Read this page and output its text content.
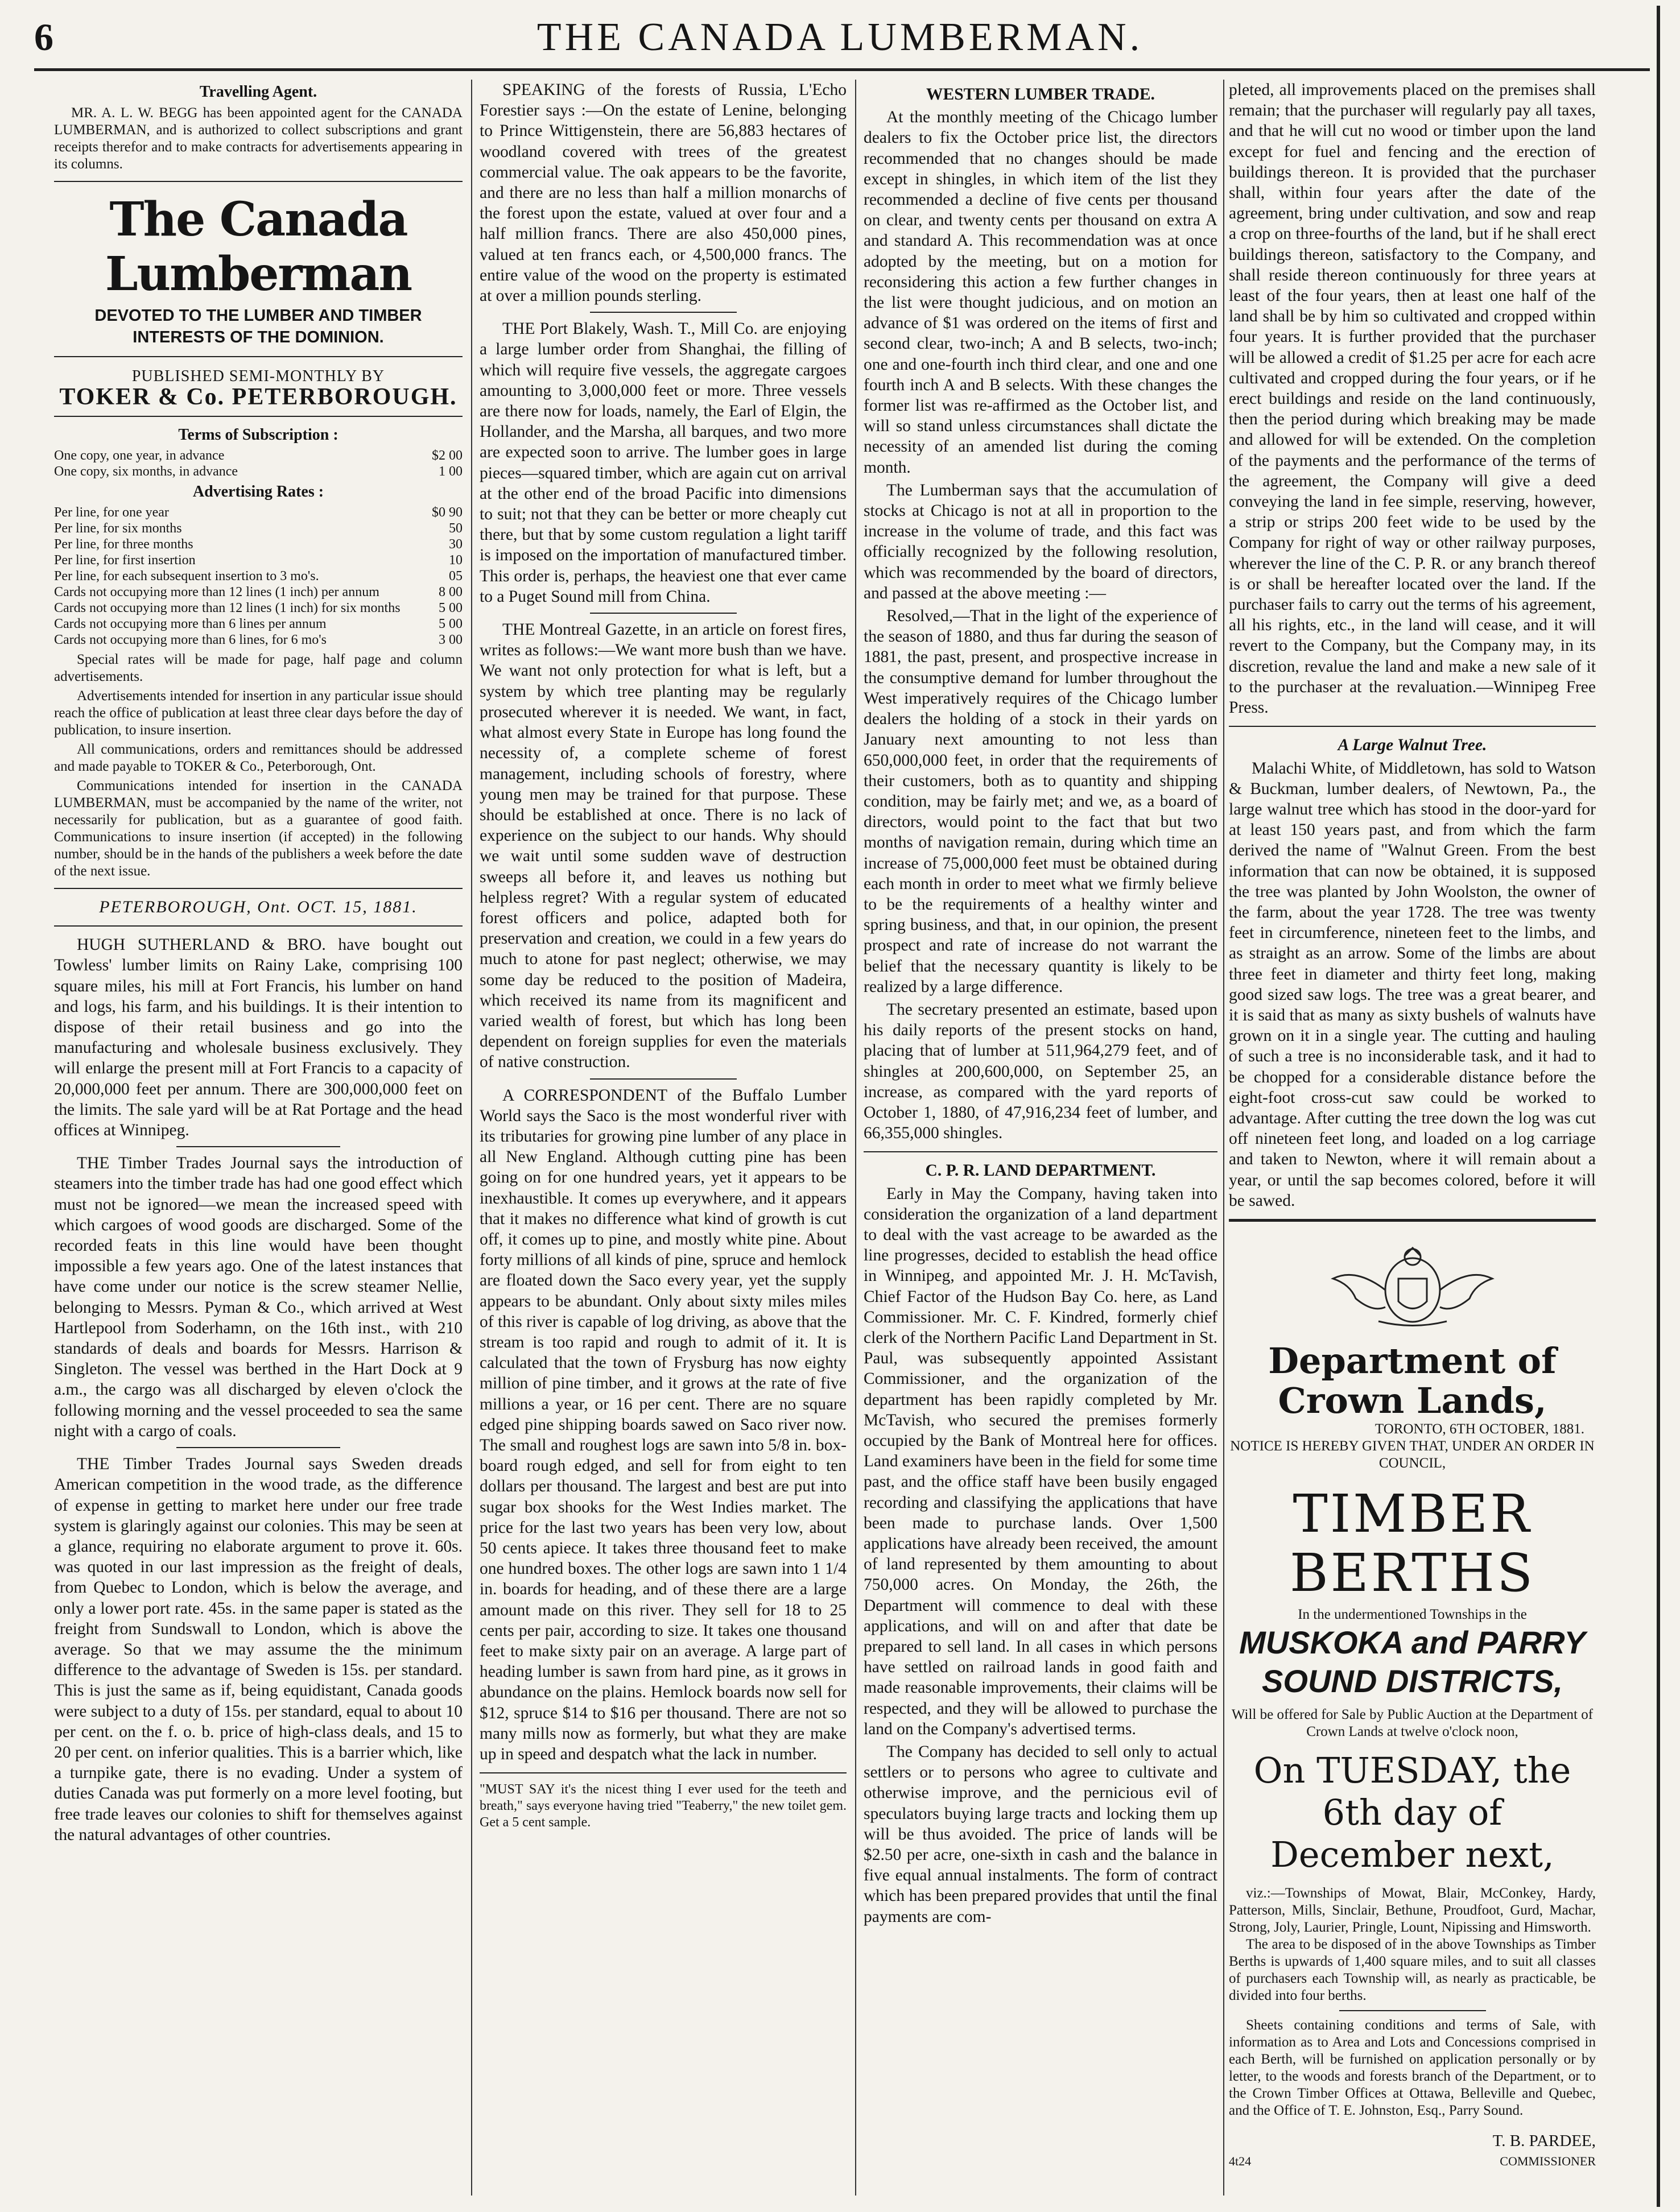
6	THE CANADA LUMBERMAN.
Travelling Agent.
MR. A. L. W. BEGG has been appointed agent for the CANADA LUMBERMAN, and is authorized to collect subscriptions and grant receipts therefor and to make contracts for advertisements appearing in its columns.
The Canada Lumberman
DEVOTED TO THE LUMBER AND TIMBER INTERESTS OF THE DOMINION.
PUBLISHED SEMI-MONTHLY BY
TOKER & Co. PETERBOROUGH.
Terms of Subscription :
One copy, one year, in advance	$2 00
One copy, six months, in advance	1 00
Advertising Rates :
Per line, for one year	$0 90
Per line, for six months	50
Per line, for three months	30
Per line, for first insertion	10
Per line, for each subsequent insertion to 3 mo's.	05
Cards not occupying more than 12 lines (1 inch) per annum	8 00
Cards not occupying more than 12 lines (1 inch) for six months	5 00
Cards not occupying more than 6 lines per annum	5 00
Cards not occupying more than 6 lines, for 6 mo's	3 00

Special rates will be made for page, half page and column advertisements.

Advertisements intended for insertion in any particular issue should reach the office of publication at least three clear days before the day of publication, to insure insertion.

All communications, orders and remittances should be addressed and made payable to TOKER & Co., Peterborough, Ont.

Communications intended for insertion in the CANADA LUMBERMAN, must be accompanied by the name of the writer, not necessarily for publication, but as a guarantee of good faith. Communications to insure insertion (if accepted) in the following number, should be in the hands of the publishers a week before the date of the next issue.

PETERBOROUGH, Ont. OCT. 15, 1881.

HUGH SUTHERLAND & BRO. have bought out Towless' lumber limits on Rainy Lake, comprising 100 square miles, his mill at Fort Francis, his lumber on hand and logs, his farm, and his buildings. It is their intention to dispose of their retail business and go into the manufacturing and wholesale business exclusively. They will enlarge the present mill at Fort Francis to a capacity of 20,000,000 feet per annum. There are 300,000,000 feet on the limits. The sale yard will be at Rat Portage and the head offices at Winnipeg.

THE Timber Trades Journal says the introduction of steamers into the timber trade has had one good effect which must not be ignored—we mean the increased speed with which cargoes of wood goods are discharged. Some of the recorded feats in this line would have been thought impossible a few years ago. One of the latest instances that have come under our notice is the screw steamer Nellie, belonging to Messrs. Pyman & Co., which arrived at West Hartlepool from Soderhamn, on the 16th inst., with 210 standards of deals and boards for Messrs. Harrison & Singleton. The vessel was berthed in the Hart Dock at 9 a.m., the cargo was all discharged by eleven o'clock the following morning and the vessel proceeded to sea the same night with a cargo of coals.

THE Timber Trades Journal says Sweden dreads American competition in the wood trade, as the difference of expense in getting to market here under our free trade system is glaringly against our colonies. This may be seen at a glance, requiring no elaborate argument to prove it. 60s. was quoted in our last impression as the freight of deals, from Quebec to London, which is below the average, and only a lower port rate. 45s. in the same paper is stated as the freight from Sundswall to London, which is above the average. So that we may assume the the minimum difference to the advantage of Sweden is 15s. per standard. This is just the same as if, being equidistant, Canada goods were subject to a duty of 15s. per standard, equal to about 10 per cent. on the f. o. b. price of high-class deals, and 15 to 20 per cent. on inferior qualities. This is a barrier which, like a turnpike gate, there is no evading. Under a system of duties Canada was put formerly on a more level footing, but free trade leaves our colonies to shift for themselves against the natural advantages of other countries.

SPEAKING of the forests of Russia, L'Echo Forestier says :—On the estate of Lenine, belonging to Prince Wittigenstein, there are 56,883 hectares of woodland covered with trees of the greatest commercial value. The oak appears to be the favorite, and there are no less than half a million monarchs of the forest upon the estate, valued at over four and a half million francs. There are also 450,000 pines, valued at ten francs each, or 4,500,000 francs. The entire value of the wood on the property is estimated at over a million pounds sterling.

THE Port Blakely, Wash. T., Mill Co. are enjoying a large lumber order from Shanghai, the filling of which will require five vessels, the aggregate cargoes amounting to 3,000,000 feet or more. Three vessels are there now for loads, namely, the Earl of Elgin, the Hollander, and the Marsha, all barques, and two more are expected soon to arrive. The lumber goes in large pieces—squared timber, which are again cut on arrival at the other end of the broad Pacific into dimensions to suit; not that they can be better or more cheaply cut there, but that by some custom regulation a light tariff is imposed on the importation of manufactured timber. This order is, perhaps, the heaviest one that ever came to a Puget Sound mill from China.

THE Montreal Gazette, in an article on forest fires, writes as follows:—We want more bush than we have. We want not only protection for what is left, but a system by which tree planting may be regularly prosecuted wherever it is needed. We want, in fact, what almost every State in Europe has long found the necessity of, a complete scheme of forest management, including schools of forestry, where young men may be trained for that purpose. These should be established at once. There is no lack of experience on the subject to our hands. Why should we wait until some sudden wave of destruction sweeps all before it, and leaves us nothing but helpless regret? With a regular system of educated forest officers and police, adapted both for preservation and creation, we could in a few years do much to atone for past neglect; otherwise, we may some day be reduced to the position of Madeira, which received its name from its magnificent and varied wealth of forest, but which has long been dependent on foreign supplies for even the materials of native construction.

A CORRESPONDENT of the Buffalo Lumber World says the Saco is the most wonderful river with its tributaries for growing pine lumber of any place in all New England. Although cutting pine has been going on for one hundred years, yet it appears to be inexhaustible. It comes up everywhere, and it appears that it makes no difference what kind of growth is cut off, it comes up to pine, and mostly white pine. About forty millions of all kinds of pine, spruce and hemlock are floated down the Saco every year, yet the supply appears to be abundant. Only about sixty miles miles of this river is capable of log driving, as above that the stream is too rapid and rough to admit of it. It is calculated that the town of Frysburg has now eighty million of pine timber, and it grows at the rate of five millions a year, or 16 per cent. There are no square edged pine shipping boards sawed on Saco river now. The small and roughest logs are sawn into 5/8 in. box-board rough edged, and sell for from eight to ten dollars per thousand. The largest and best are put into sugar box shooks for the West Indies market. The price for the last two years has been very low, about 50 cents apiece. It takes three thousand feet to make one hundred boxes. The other logs are sawn into 1 1/4 in. boards for heading, and of these there are a large amount made on this river. They sell for 18 to 25 cents per pair, according to size. It takes one thousand feet to make sixty pair on an average. A large part of heading lumber is sawn from hard pine, as it grows in abundance on the plains. Hemlock boards now sell for $12, spruce $14 to $16 per thousand. There are not so many mills now as formerly, but what they are make up in speed and despatch what the lack in number.

"MUST SAY it's the nicest thing I ever used for the teeth and breath," says everyone having tried "Teaberry," the new toilet gem. Get a 5 cent sample.
WESTERN LUMBER TRADE.

At the monthly meeting of the Chicago lumber dealers to fix the October price list, the directors recommended that no changes should be made except in shingles, in which item of the list they recommended a decline of five cents per thousand on clear, and twenty cents per thousand on extra A and standard A. This recommendation was at once adopted by the meeting, but on a motion for reconsidering this action a few further changes in the list were thought judicious, and on motion an advance of $1 was ordered on the items of first and second clear, two-inch; A and B selects, two-inch; one and one-fourth inch third clear, and one and one fourth inch A and B selects. With these changes the former list was re-affirmed as the October list, and will so stand unless circumstances shall dictate the necessity of an amended list during the coming month.

The Lumberman says that the accumulation of stocks at Chicago is not at all in proportion to the increase in the volume of trade, and this fact was officially recognized by the following resolution, which was recommended by the board of directors, and passed at the above meeting :—

Resolved,—That in the light of the experience of the season of 1880, and thus far during the season of 1881, the past, present, and prospective increase in the consumptive demand for lumber throughout the West imperatively requires of the Chicago lumber dealers the holding of a stock in their yards on January next amounting to not less than 650,000,000 feet, in order that the requirements of their customers, both as to quantity and shipping condition, may be fairly met; and we, as a board of directors, would point to the fact that but two months of navigation remain, during which time an increase of 75,000,000 feet must be obtained during each month in order to meet what we firmly believe to be the requirements of a healthy winter and spring business, and that, in our opinion, the present prospect and rate of increase do not warrant the belief that the necessary quantity is likely to be realized by a large difference.

The secretary presented an estimate, based upon his daily reports of the present stocks on hand, placing that of lumber at 511,964,279 feet, and of shingles at 200,600,000, on September 25, an increase, as compared with the yard reports of October 1, 1880, of 47,916,234 feet of lumber, and 66,355,000 shingles.

C. P. R. LAND DEPARTMENT.

Early in May the Company, having taken into consideration the organization of a land department to deal with the vast acreage to be awarded as the line progresses, decided to establish the head office in Winnipeg, and appointed Mr. J. H. McTavish, Chief Factor of the Hudson Bay Co. here, as Land Commissioner. Mr. C. F. Kindred, formerly chief clerk of the Northern Pacific Land Department in St. Paul, was subsequently appointed Assistant Commissioner, and the organization of the department has been rapidly completed by Mr. McTavish, who secured the premises formerly occupied by the Bank of Montreal here for offices. Land examiners have been in the field for some time past, and the office staff have been busily engaged recording and classifying the applications that have been made to purchase lands. Over 1,500 applications have already been received, the amount of land represented by them amounting to about 750,000 acres. On Monday, the 26th, the Department will commence to deal with these applications, and will on and after that date be prepared to sell land. In all cases in which persons have settled on railroad lands in good faith and made reasonable improvements, their claims will be respected, and they will be allowed to purchase the land on the Company's advertised terms.

The Company has decided to sell only to actual settlers or to persons who agree to cultivate and otherwise improve, and the pernicious evil of speculators buying large tracts and locking them up will be thus avoided. The price of lands will be $2.50 per acre, one-sixth in cash and the balance in five equal annual instalments. The form of contract which has been prepared provides that until the final payments are com-

pleted, all improvements placed on the premises shall remain; that the purchaser will regularly pay all taxes, and that he will cut no wood or timber upon the land except for fuel and fencing and the erection of buildings thereon. It is provided that the purchaser shall, within four years after the date of the agreement, bring under cultivation, and sow and reap a crop on three-fourths of the land, but if he shall erect buildings thereon, satisfactory to the Company, and shall reside thereon continuously for three years at least of the four years, then at least one half of the land shall be by him so cultivated and cropped within four years. It is further provided that the purchaser will be allowed a credit of $1.25 per acre for each acre cultivated and cropped during the four years, or if he erect buildings and reside on the land continuously, then the period during which breaking may be made and allowed for will be extended. On the completion of the payments and the performance of the terms of the agreement, the Company will give a deed conveying the land in fee simple, reserving, however, a strip or strips 200 feet wide to be used by the Company for right of way or other railway purposes, wherever the line of the C. P. R. or any branch thereof is or shall be hereafter located over the land. If the purchaser fails to carry out the terms of his agreement, all his rights, etc., in the land will cease, and it will revert to the Company, but the Company may, in its discretion, revalue the land and make a new sale of it to the purchaser at the revaluation.—Winnipeg Free Press.

A Large Walnut Tree.

Malachi White, of Middletown, has sold to Watson & Buckman, lumber dealers, of Newtown, Pa., the large walnut tree which has stood in the door-yard for at least 150 years past, and from which the farm derived the name of "Walnut Green. From the best information that can now be obtained, it is supposed the tree was planted by John Woolston, the owner of the farm, about the year 1728. The tree was twenty feet in circumference, nineteen feet to the limbs, and as straight as an arrow. Some of the limbs are about three feet in diameter and thirty feet long, making good sized saw logs. The tree was a great bearer, and it is said that as many as sixty bushels of walnuts have grown on it in a single year. The cutting and hauling of such a tree is no inconsiderable task, and it had to be chopped for a considerable distance before the eight-foot cross-cut saw could be worked to advantage. After cutting the tree down the log was cut off nineteen feet long, and loaded on a log carriage and taken to Newton, where it will remain about a year, or until the sap becomes colored, before it will be sawed.

Department of Crown Lands,
TORONTO, 6TH OCTOBER, 1881.
NOTICE IS HEREBY GIVEN THAT, UNDER AN ORDER IN COUNCIL,
TIMBER BERTHS
In the undermentioned Townships in the
MUSKOKA and PARRY SOUND DISTRICTS,
Will be offered for Sale by Public Auction at the Department of Crown Lands at twelve o'clock noon,
On TUESDAY, the 6th day of December next,
viz.:—Townships of Mowat, Blair, McConkey, Hardy, Patterson, Mills, Sinclair, Bethune, Proudfoot, Gurd, Machar, Strong, Joly, Laurier, Pringle, Lount, Nipissing and Himsworth.
The area to be disposed of in the above Townships as Timber Berths is upwards of 1,400 square miles, and to suit all classes of purchasers each Township will, as nearly as practicable, be divided into four berths.
Sheets containing conditions and terms of Sale, with information as to Area and Lots and Concessions comprised in each Berth, will be furnished on application personally or by letter, to the woods and forests branch of the Department, or to the Crown Timber Offices at Ottawa, Belleville and Quebec, and the Office of T. E. Johnston, Esq., Parry Sound.
T. B. PARDEE,
4t24	COMMISSIONER
